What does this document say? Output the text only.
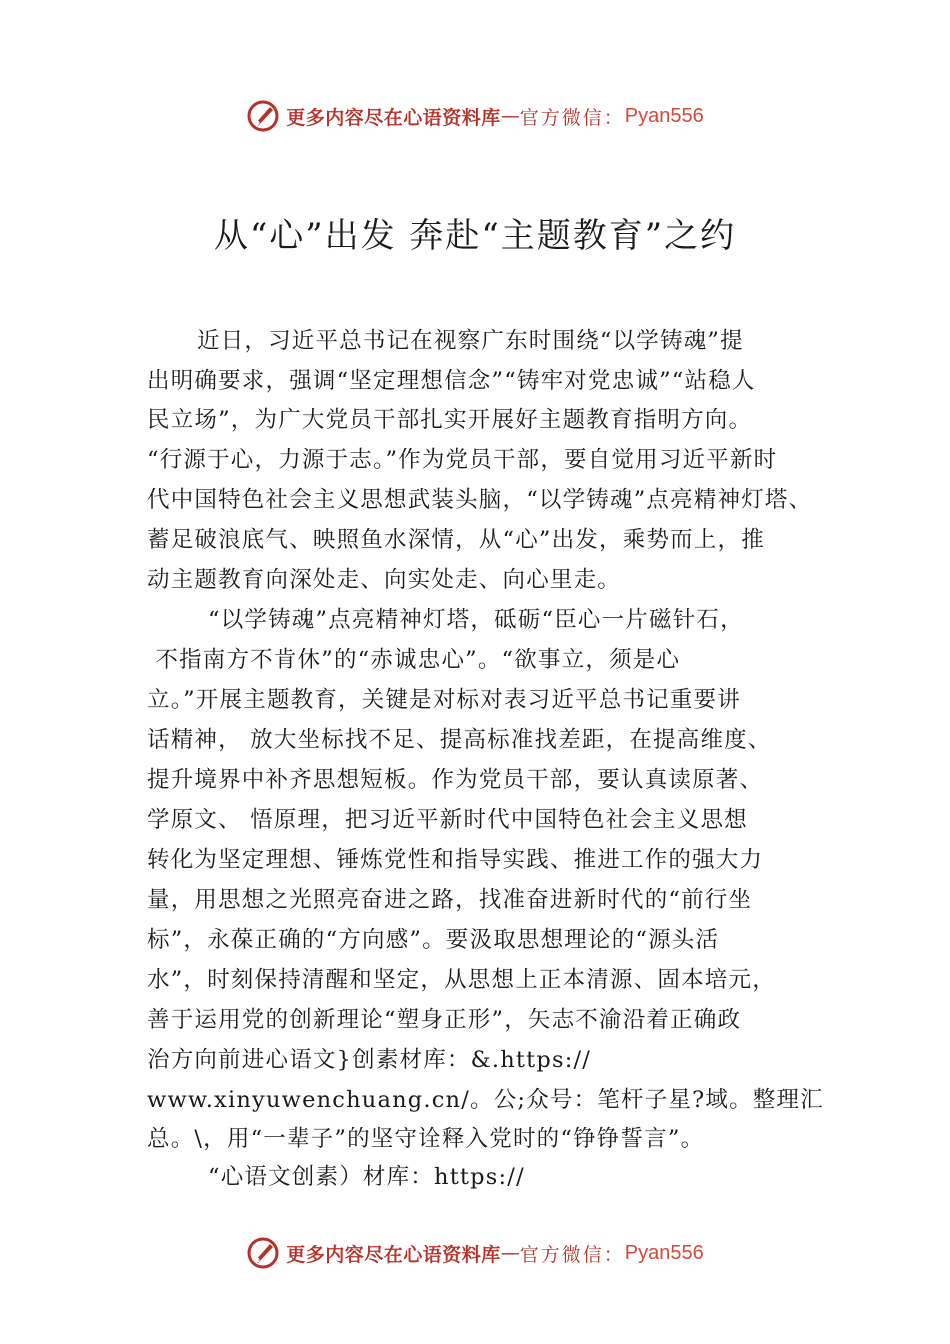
更多内容尽在心语资料库 — 官方微信： Pyan556
从“心”出发 奔赴“主题教育”之约
近日，习近平总书记在视察广东时围绕“以学铸魂”提
出明确要求，强调“坚定理想信念”“铸牢对党忠诚”“站稳人
民立场”，为广大党员干部扎实开展好主题教育指明方向。
“行源于心，力源于志。”作为党员干部，要自觉用习近平新时
代中国特色社会主义思想武装头脑，“以学铸魂”点亮精神灯塔、
蓄足破浪底气、映照鱼水深情，从“心”出发，乘势而上，推
动主题教育向深处走、向实处走、向心里走。
“以学铸魂”点亮精神灯塔，砥砺“臣心一片磁针石，
不指南方不肯休”的“赤诚忠心”。“欲事立，须是心
立。”开展主题教育，关键是对标对表习近平总书记重要讲
话精神， 放大坐标找不足、提高标准找差距，在提高维度、
提升境界中补齐思想短板。作为党员干部，要认真读原著、
学原文、 悟原理，把习近平新时代中国特色社会主义思想
转化为坚定理想、锤炼党性和指导实践、推进工作的强大力
量，用思想之光照亮奋进之路，找准奋进新时代的“前行坐
标”，永葆正确的“方向感”。要汲取思想理论的“源头活
水”，时刻保持清醒和坚定，从思想上正本清源、固本培元，
善于运用党的创新理论“塑身正形”，矢志不渝沿着正确政
治方向前进心语文}创素材库：&.https://
www.xinyuwenchuang.cn/。公;众号：笔杆子星?域。整理汇
总。\，用“一辈子”的坚守诠释入党时的“铮铮誓言”。
“心语文创素）材库：https://
更多内容尽在心语资料库 — 官方微信： Pyan556
